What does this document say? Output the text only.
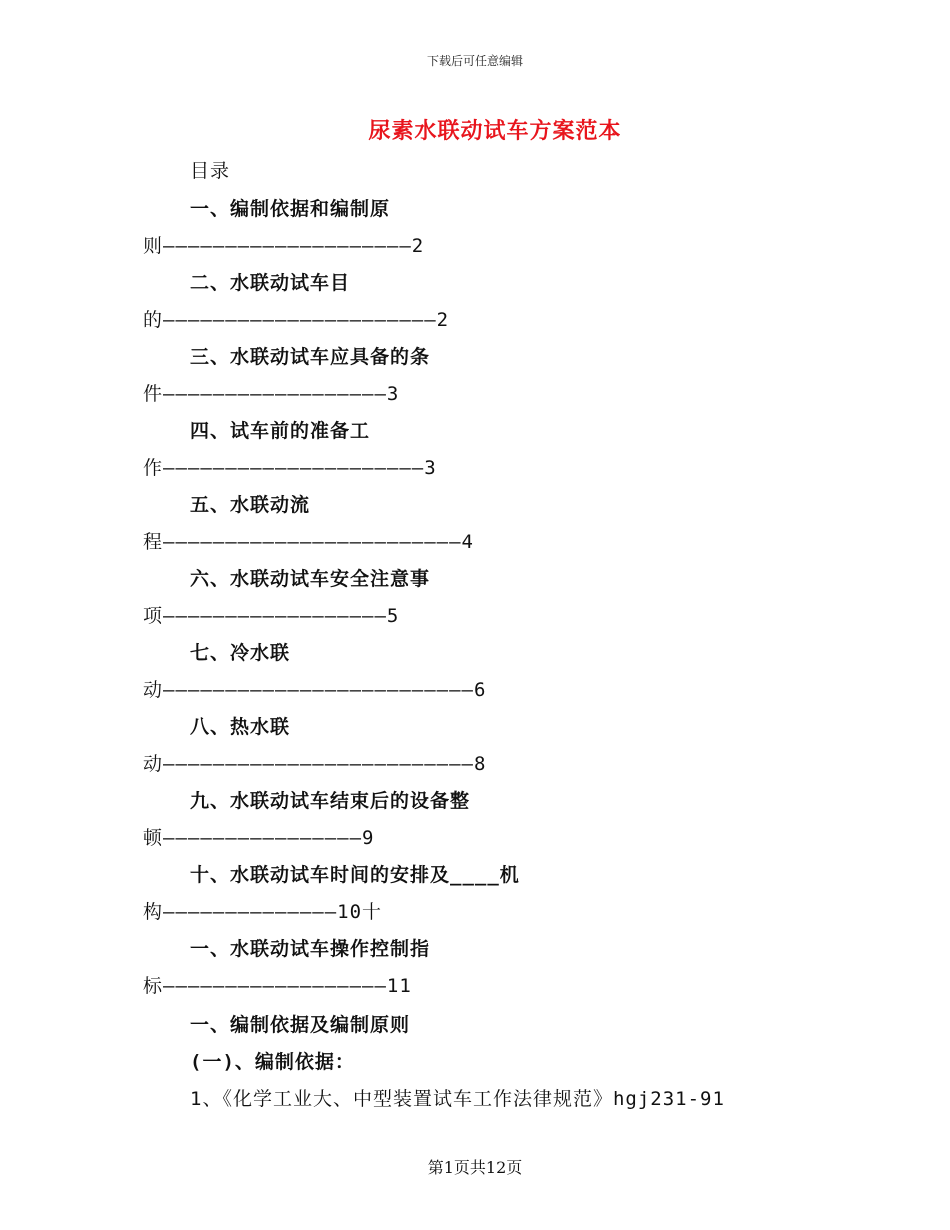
下载后可任意编辑
尿素水联动试车方案范本
目录
一、编制依据和编制原
则————————————————————2
二、水联动试车目
的——————————————————————2
三、水联动试车应具备的条
件——————————————————3
四、试车前的准备工
作—————————————————————3
五、水联动流
程————————————————————————4
六、水联动试车安全注意事
项——————————————————5
七、冷水联
动—————————————————————————6
八、热水联
动—————————————————————————8
九、水联动试车结束后的设备整
顿————————————————9
十、水联动试车时间的安排及____机
构——————————————10十
一、水联动试车操作控制指
标——————————————————11
一、编制依据及编制原则
(一)、编制依据：
1、《化学工业大、中型装置试车工作法律规范》hgj231-91
第1页共12页
